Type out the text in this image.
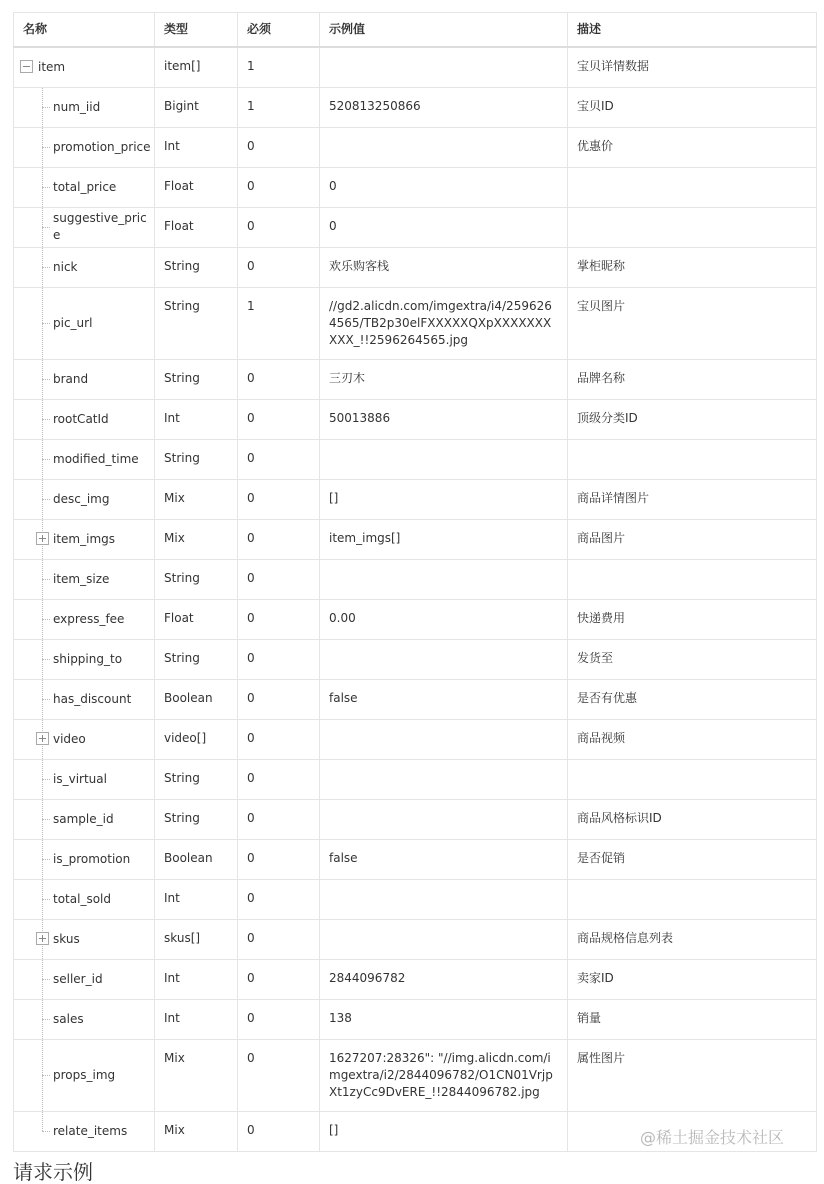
名称	类型	必须	示例值	描述

item	item[]	1		宝贝详情数据

num_iid	Bigint	1	520813250866	宝贝ID

promotion_price	Int	0		优惠价

total_price	Float	0	0	

suggestive_price	Float	0	0	

nick	String	0	欢乐购客栈	掌柜昵称

pic_url	String	1	//gd2.alicdn.com/imgextra/i4/2596264565/TB2p30elFXXXXXQXpXXXXXXXXXX_!!2596264565.jpg	宝贝图片

brand	String	0	三刃木	品牌名称

rootCatId	Int	0	50013886	顶级分类ID

modified_time	String	0		

desc_img	Mix	0	[]	商品详情图片

item_imgs	Mix	0	item_imgs[]	商品图片

item_size	String	0		

express_fee	Float	0	0.00	快递费用

shipping_to	String	0		发货至

has_discount	Boolean	0	false	是否有优惠

video	video[]	0		商品视频

is_virtual	String	0		

sample_id	String	0		商品风格标识ID

is_promotion	Boolean	0	false	是否促销

total_sold	Int	0		

skus	skus[]	0		商品规格信息列表

seller_id	Int	0	2844096782	卖家ID

sales	Int	0	138	销量

props_img	Mix	0	1627207:28326": "//img.alicdn.com/imgextra/i2/2844096782/O1CN01VrjpXt1zyCc9DvERE_!!2844096782.jpg	属性图片

relate_items	Mix	0	[]		@稀土掘金技术社区
请求示例
